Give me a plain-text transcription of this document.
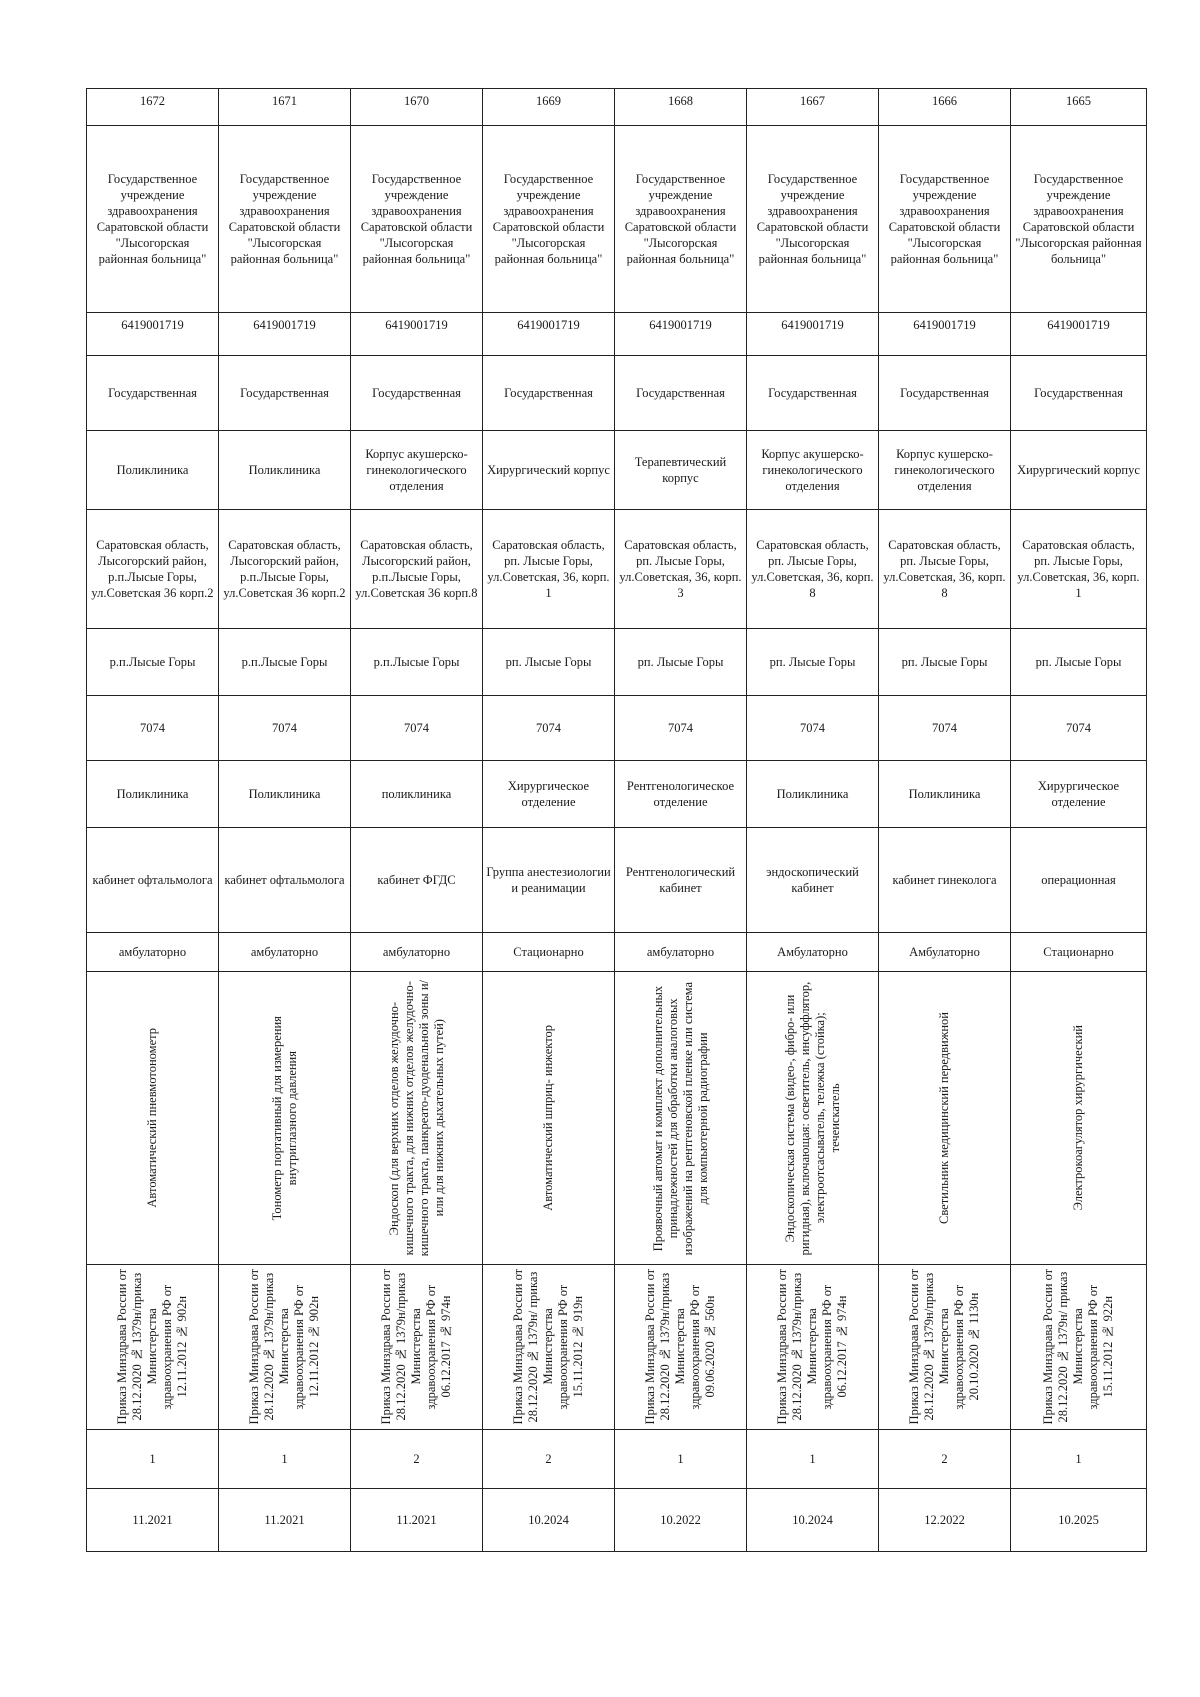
1672	1671	1670	1669	1668	1667	1666	1665
Государственное учреждение здравоохранения Саратовской области "Лысогорская районная больница"	Государственное учреждение здравоохранения Саратовской области "Лысогорская районная больница"	Государственное учреждение здравоохранения Саратовской области "Лысогорская районная больница"	Государственное учреждение здравоохранения Саратовской области "Лысогорская районная больница"	Государственное учреждение здравоохранения Саратовской области "Лысогорская районная больница"	Государственное учреждение здравоохранения Саратовской области "Лысогорская районная больница"	Государственное учреждение здравоохранения Саратовской области "Лысогорская районная больница"	Государственное учреждение здравоохранения Саратовской области "Лысогорская районная больница"
6419001719	6419001719	6419001719	6419001719	6419001719	6419001719	6419001719	6419001719
Государственная	Государственная	Государственная	Государственная	Государственная	Государственная	Государственная	Государственная
Поликлиника	Поликлиника	Корпус акушерско-гинекологического отделения	Хирургический корпус	Терапевтический корпус	Корпус акушерско-гинекологического отделения	Корпус кушерско-гинекологического отделения	Хирургический корпус
Саратовская область, Лысогорский район, р.п.Лысые Горы, ул.Советская 36 корп.2	Саратовская область, Лысогорский район, р.п.Лысые Горы, ул.Советская 36 корп.2	Саратовская область, Лысогорский район, р.п.Лысые Горы, ул.Советская 36 корп.8	Саратовская область, рп. Лысые Горы, ул.Советская, 36, корп. 1	Саратовская область, рп. Лысые Горы, ул.Советская, 36, корп. 3	Саратовская область, рп. Лысые Горы, ул.Советская, 36, корп. 8	Саратовская область, рп. Лысые Горы, ул.Советская, 36, корп. 8	Саратовская область, рп. Лысые Горы, ул.Советская, 36, корп. 1
р.п.Лысые Горы	р.п.Лысые Горы	р.п.Лысые Горы	рп. Лысые Горы	рп. Лысые Горы	рп. Лысые Горы	рп. Лысые Горы	рп. Лысые Горы
7074	7074	7074	7074	7074	7074	7074	7074
Поликлиника	Поликлиника	поликлиника	Хирургическое отделение	Рентгенологическое отделение	Поликлиника	Поликлиника	Хирургическое отделение
кабинет офтальмолога	кабинет офтальмолога	кабинет ФГДС	Группа анестезиологии и реанимации	Рентгенологический кабинет	эндоскопический кабинет	кабинет гинеколога	операционная
амбулаторно	амбулаторно	амбулаторно	Стационарно	амбулаторно	Амбулаторно	Амбулаторно	Стационарно

Автоматический пневмотонометр	Тонометр портативный для измерения внутриглазного давления	Эндоскоп (для верхних отделов желудочно-кишечного тракта, для нижних отделов желудочно-кишечного тракта, панкреато-дуоденальной зоны и/или для нижних дыхательных путей)	Автоматический шприц- инжектор	Проявочный автомат и комплект дополнительных принадлежностей для обработки аналоговых изображений на рентгеновской пленке или система для компьютерной радиографии	Эндоскопическая система (видео-, фибро- или ригидная), включающая: осветитель, инсуффлятор, электроотсасыватель, тележка (стойка); течеискатель	Светильник медицинский передвижной	Электрокоагулятор хирургический

Приказ Минздрава России от 28.12.2020 № 1379н/приказ Министерства здравоохранения РФ от 12.11.2012 № 902н	Приказ Минздрава России от 28.12.2020 № 1379н/приказ Министерства здравоохранения РФ от 12.11.2012 № 902н	Приказ Минздрава России от 28.12.2020 № 1379н/приказ Министерства здравоохранения РФ от 06.12.2017 № 974н	Приказ Минздрава России от 28.12.2020 № 1379н/ приказ Министерства здравоохранения РФ от 15.11.2012 № 919н	Приказ Минздрава России от 28.12.2020 № 1379н/приказ Министерства здравоохранения РФ от 09.06.2020 № 560н	Приказ Минздрава России от 28.12.2020 № 1379н/приказ Министерства здравоохранения РФ от 06.12.2017 № 974н	Приказ Минздрава России от 28.12.2020 № 1379н/приказ Министерства здравоохранения РФ от 20.10.2020 № 1130н	Приказ Минздрава России от 28.12.2020 № 1379н/ приказ Министерства здравоохранения РФ от 15.11.2012 № 922н

1	1	2	2	1	1	2	1
11.2021	11.2021	11.2021	10.2024	10.2022	10.2024	12.2022	10.2025
